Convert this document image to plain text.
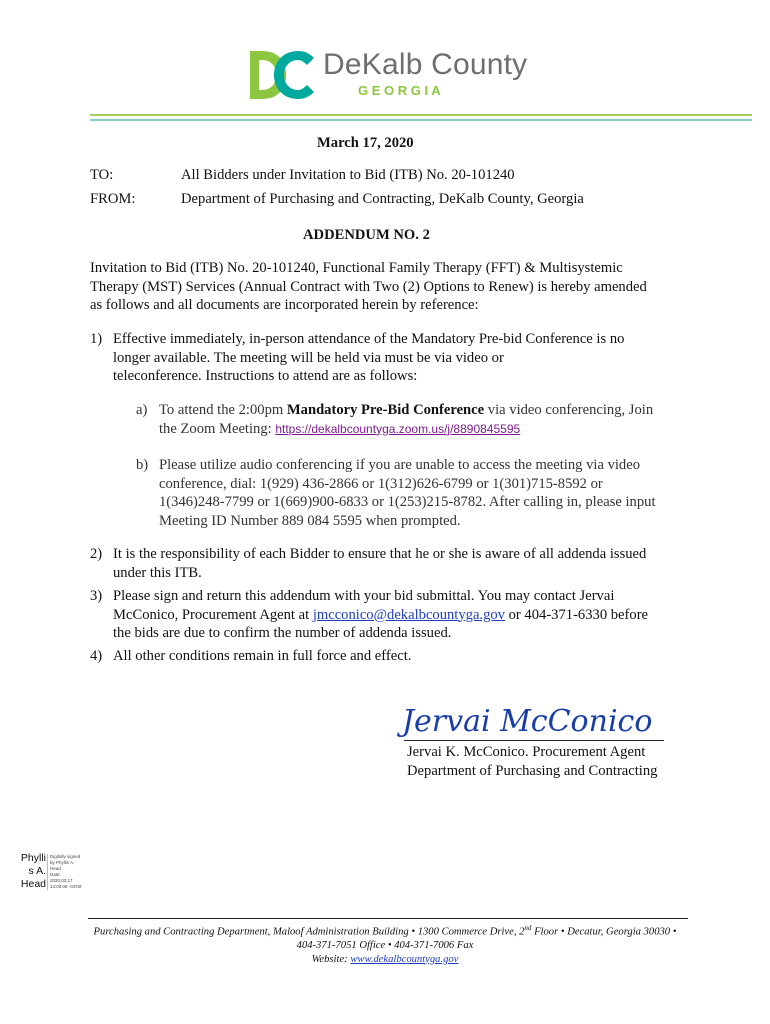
DeKalb County
G E O R G I A
March 17, 2020
TO:	All Bidders under Invitation to Bid (ITB) No. 20-101240
FROM:	Department of Purchasing and Contracting, DeKalb County, Georgia
ADDENDUM NO. 2
Invitation to Bid (ITB) No. 20-101240, Functional Family Therapy (FFT) & Multisystemic
Therapy (MST) Services (Annual Contract with Two (2) Options to Renew) is hereby amended
as follows and all documents are incorporated herein by reference:
1) Effective immediately, in-person attendance of the Mandatory Pre-bid Conference is no
longer available. The meeting will be held via must be via video or
teleconference. Instructions to attend are as follows:
a) To attend the 2:00pm Mandatory Pre-Bid Conference via video conferencing, Join
the Zoom Meeting: https://dekalbcountyga.zoom.us/j/8890845595
b) Please utilize audio conferencing if you are unable to access the meeting via video
conference, dial: 1(929) 436-2866 or 1(312)626-6799 or 1(301)715-8592 or
1(346)248-7799 or 1(669)900-6833 or 1(253)215-8782. After calling in, please input
Meeting ID Number 889 084 5595 when prompted.
2) It is the responsibility of each Bidder to ensure that he or she is aware of all addenda issued
under this ITB.
3) Please sign and return this addendum with your bid submittal. You may contact Jervai
McConico, Procurement Agent at jmcconico@dekalbcountyga.gov or 404-371-6330 before
the bids are due to confirm the number of addenda issued.
4) All other conditions remain in full force and effect.
Jervai McConico
Jervai K. McConico. Procurement Agent
Department of Purchasing and Contracting
Phylli
s A.
Head
Digitally signed
by Phyllis A.
Head
Date:
2020.03.17
14:00:08 -04'00'
Purchasing and Contracting Department, Maloof Administration Building • 1300 Commerce Drive, 2nd Floor • Decatur, Georgia 30030 •
404-371-7051 Office • 404-371-7006 Fax
Website: www.dekalbcountyga.gov
